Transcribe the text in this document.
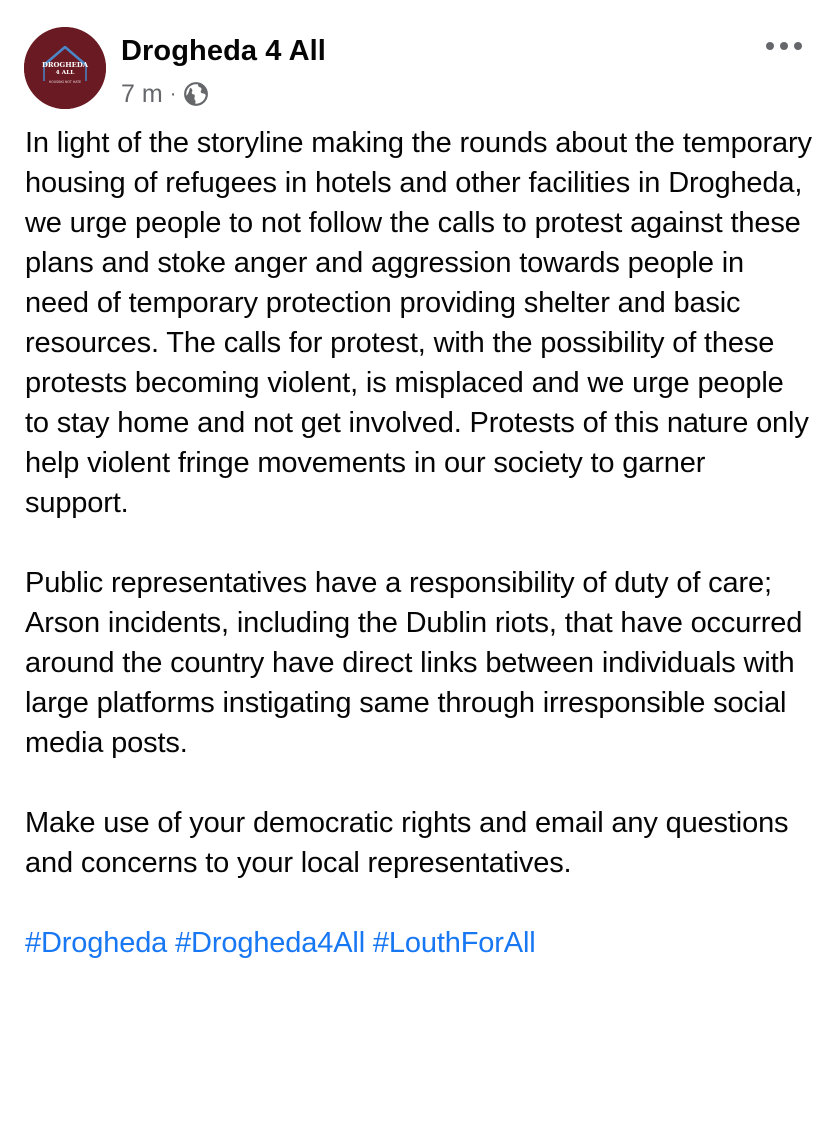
DROGHEDA
4 ALL
HOUSING NOT HATE
Drogheda 4 All
7 m ·

In light of the storyline making the rounds about the temporary housing of refugees in hotels and other facilities in Drogheda, we urge people to not follow the calls to protest against these plans and stoke anger and aggression towards people in need of temporary protection providing shelter and basic resources. The calls for protest, with the possibility of these protests becoming violent, is misplaced and we urge people to stay home and not get involved. Protests of this nature only help violent fringe movements in our society to garner support.

Public representatives have a responsibility of duty of care; Arson incidents, including the Dublin riots, that have occurred around the country have direct links between individuals with large platforms instigating same through irresponsible social media posts.

Make use of your democratic rights and email any questions and concerns to your local representatives.

#Drogheda #Drogheda4All #LouthForAll
